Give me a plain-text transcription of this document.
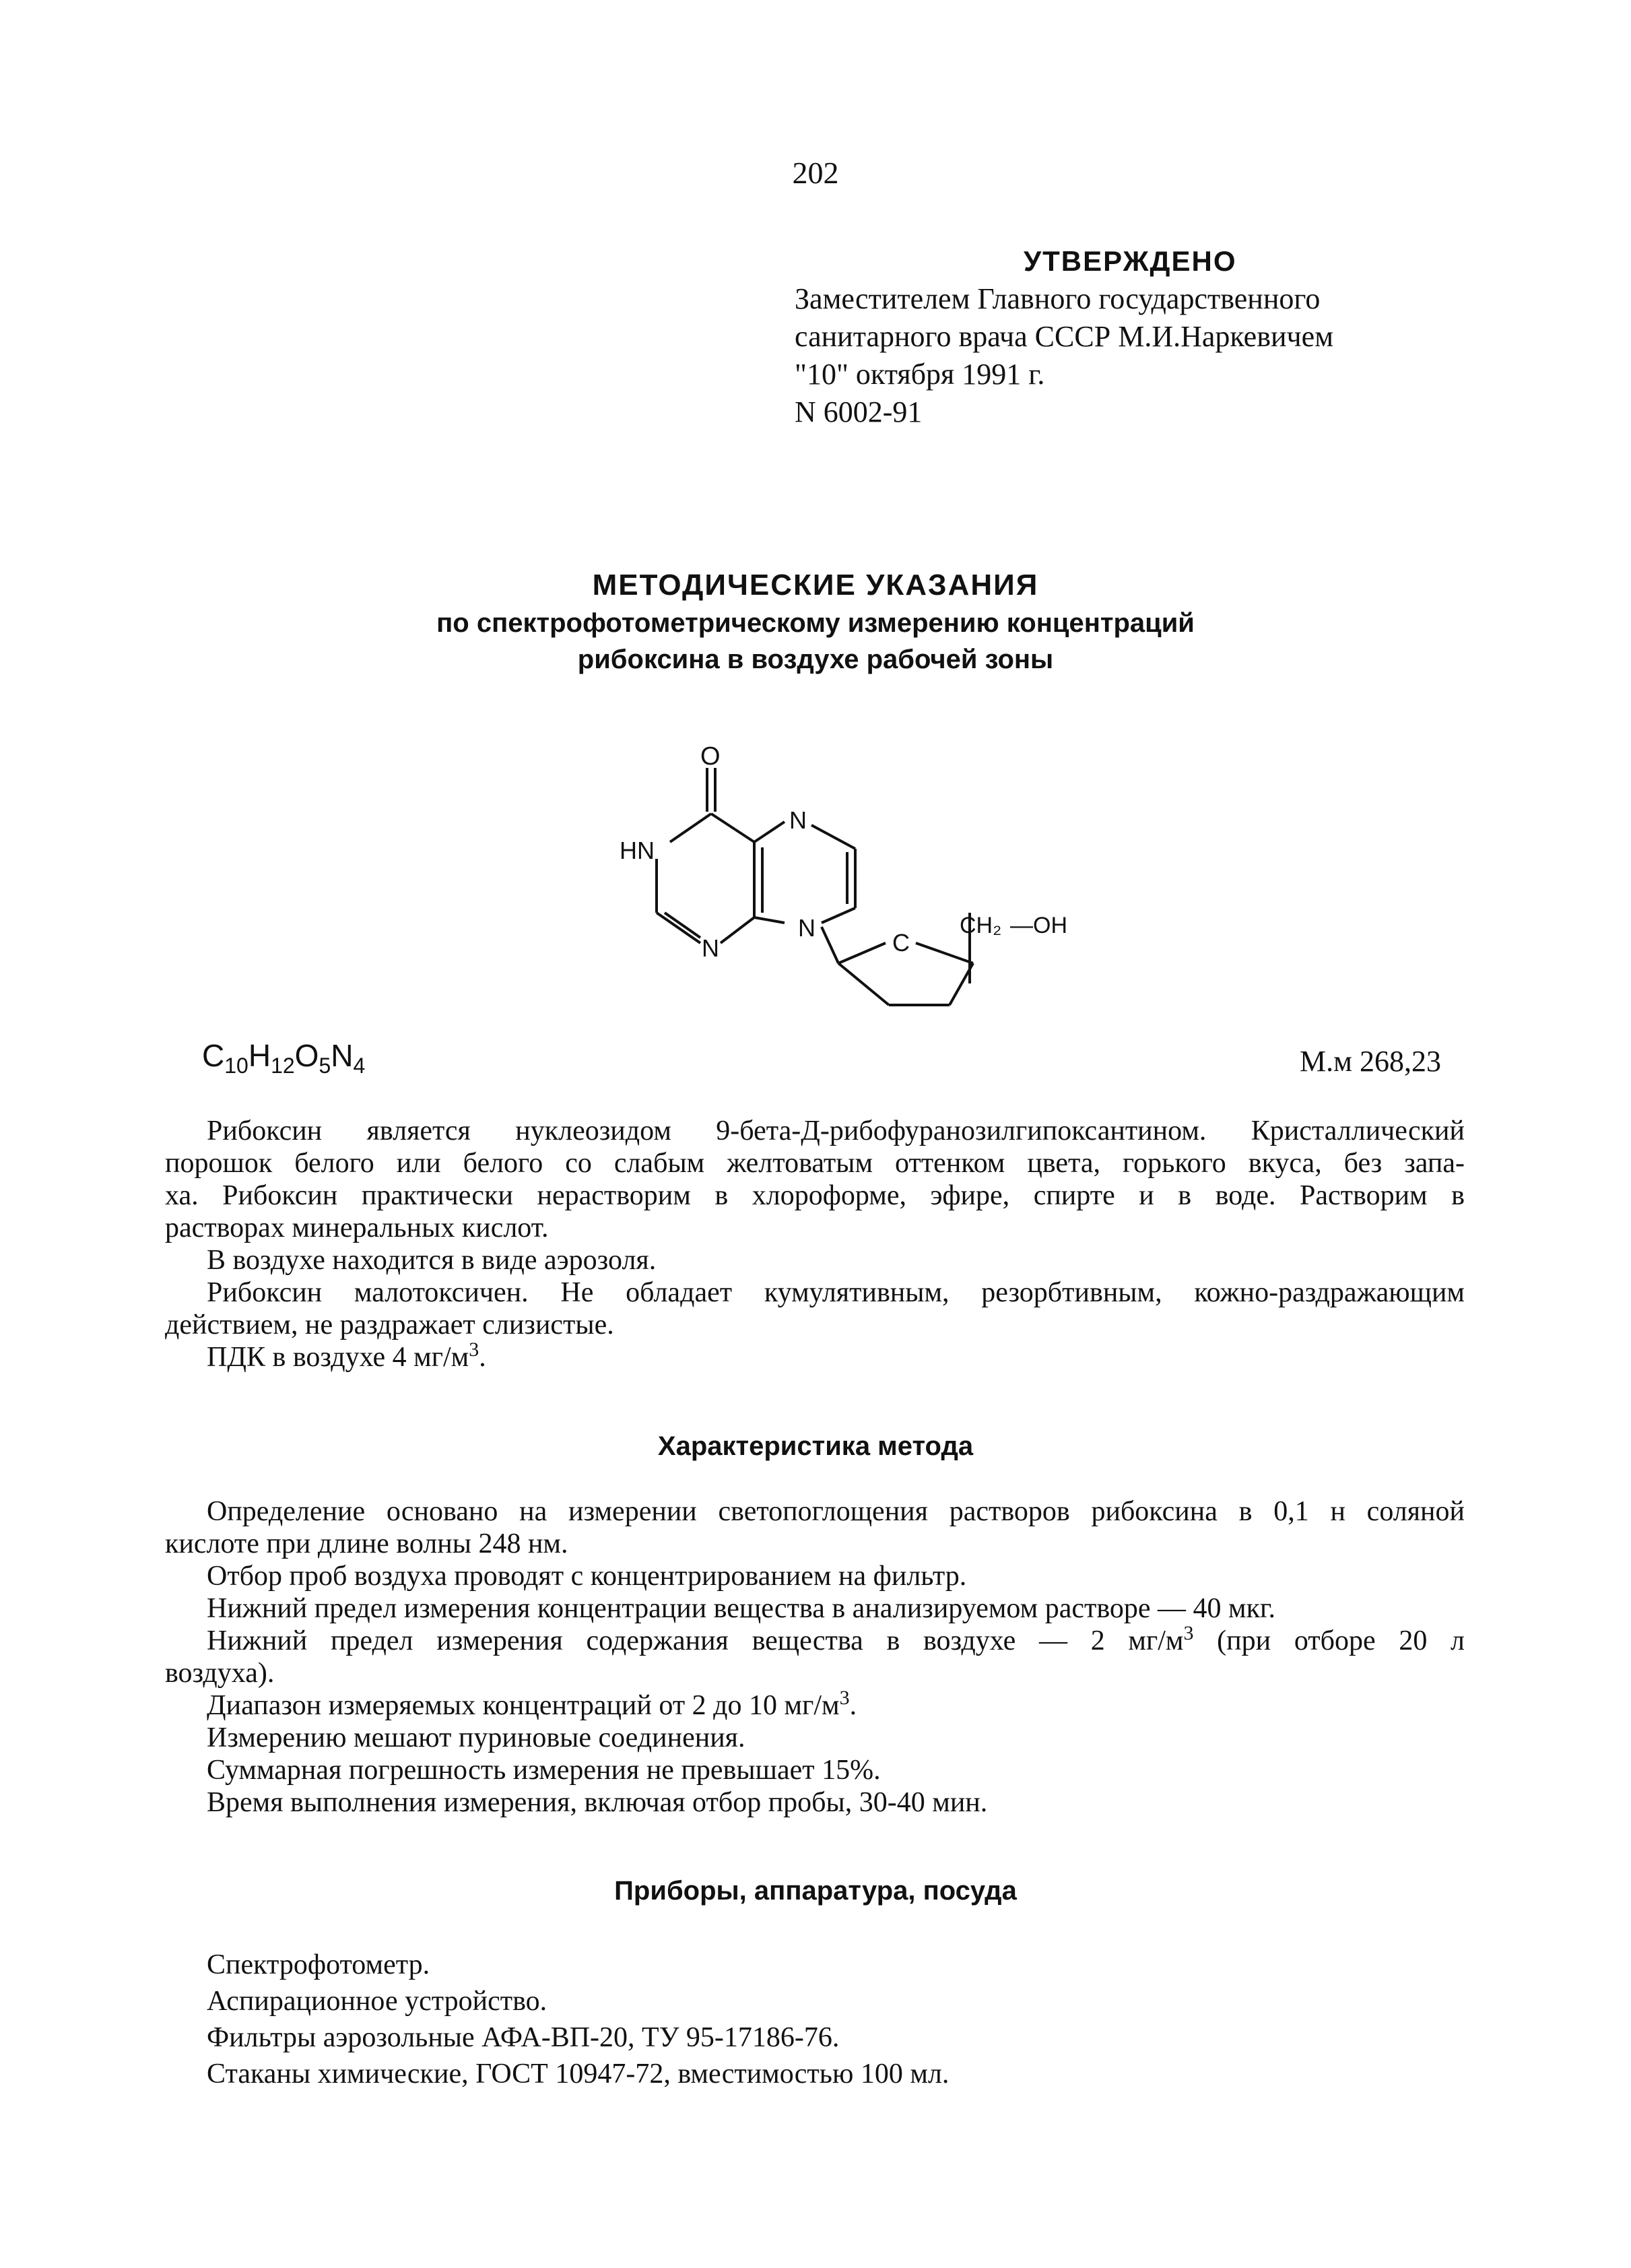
202
УТВЕРЖДЕНО
Заместителем Главного государственного
санитарного врача СССР М.И.Наркевичем
"10" октября 1991 г.
N 6002-91
МЕТОДИЧЕСКИЕ УКАЗАНИЯ
по спектрофотометрическому измерению концентраций
рибоксина в воздухе рабочей зоны
O
HN
N
N
N	C
CH₂ —OH
$C_{10}H_{12}O_5N_4$	М.м 268,23
Рибоксин является нуклеозидом 9-бета-Д-рибофуранозилгипоксантином. Кристаллический
порошок белого или белого со слабым желтоватым оттенком цвета, горького вкуса, без запа-
ха. Рибоксин практически нерастворим в хлороформе, эфире, спирте и в воде. Растворим в
растворах минеральных кислот.
В воздухе находится в виде аэрозоля.
Рибоксин малотоксичен. Не обладает кумулятивным, резорбтивным, кожно-раздражающим
действием, не раздражает слизистые.
ПДК в воздухе 4 $мг/м^3$.
Характеристика метода
Определение основано на измерении светопоглощения растворов рибоксина в 0,1 н соляной
кислоте при длине волны 248 нм.
Отбор проб воздуха проводят с концентрированием на фильтр.
Нижний предел измерения концентрации вещества в анализируемом растворе — 40 мкг.
Нижний предел измерения содержания вещества в воздухе — 2 $мг/м^3$ (при отборе 20 л
воздуха).
Диапазон измеряемых концентраций от 2 до 10 $мг/м^3$.
Измерению мешают пуриновые соединения.
Суммарная погрешность измерения не превышает 15%.
Время выполнения измерения, включая отбор пробы, 30-40 мин.
Приборы, аппаратура, посуда
Спектрофотометр.
Аспирационное устройство.
Фильтры аэрозольные АФА-ВП-20, ТУ 95-17186-76.
Стаканы химические, ГОСТ 10947-72, вместимостью 100 мл.
